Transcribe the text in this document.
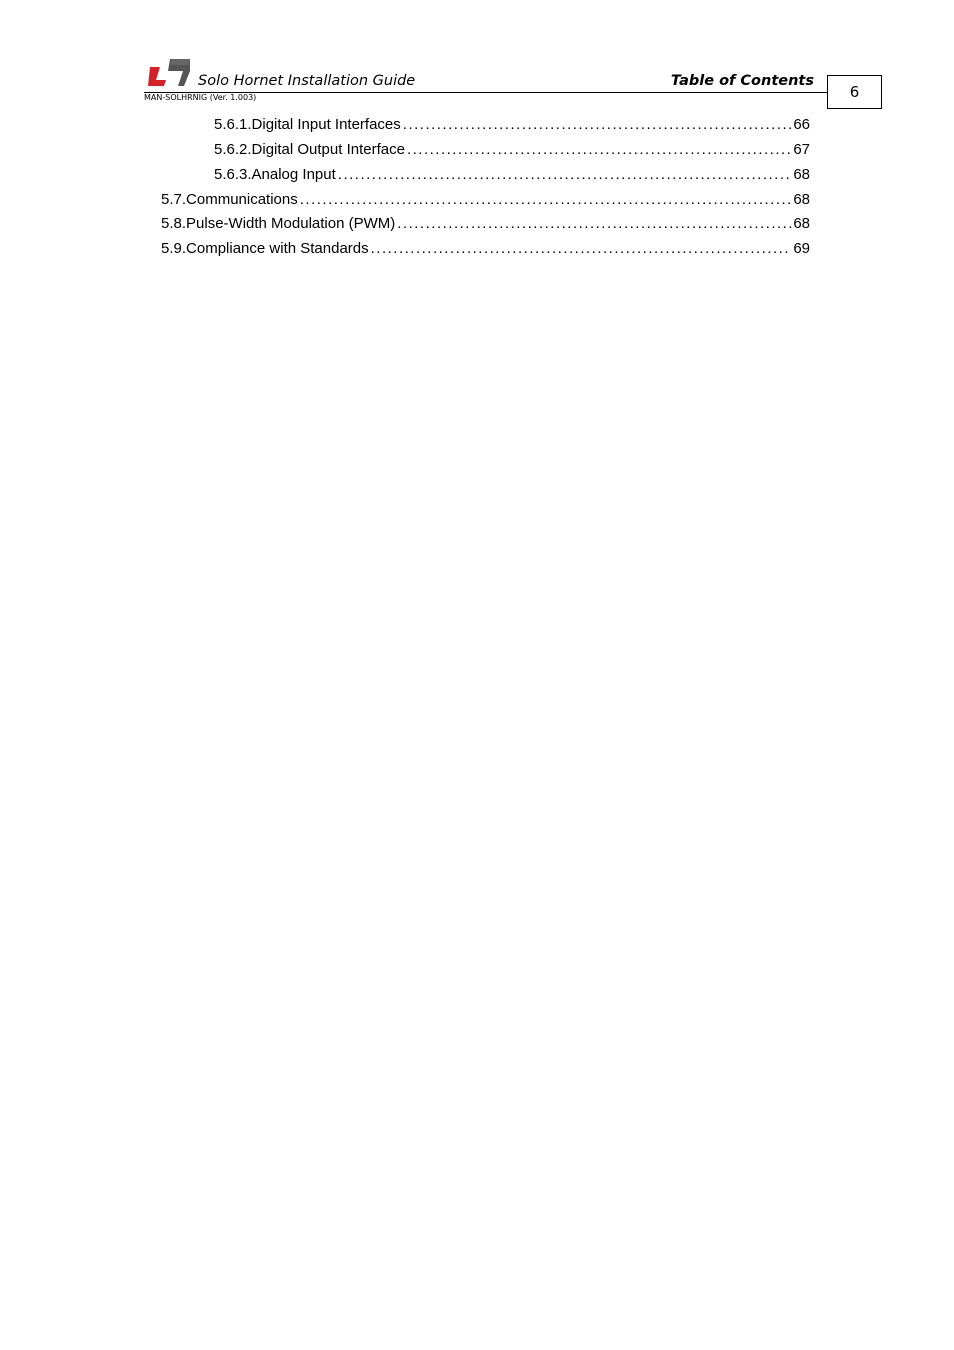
Solo Hornet Installation Guide	Table of Contents
MAN-SOLHRNIG (Ver. 1.003)	6
5.6.1. Digital Input Interfaces .....	66
5.6.2. Digital Output Interface .....	67
5.6.3. Analog Input .....	68
5.7. Communications .....	68
5.8. Pulse-Width Modulation (PWM) .....	68
5.9. Compliance with Standards .....	69
